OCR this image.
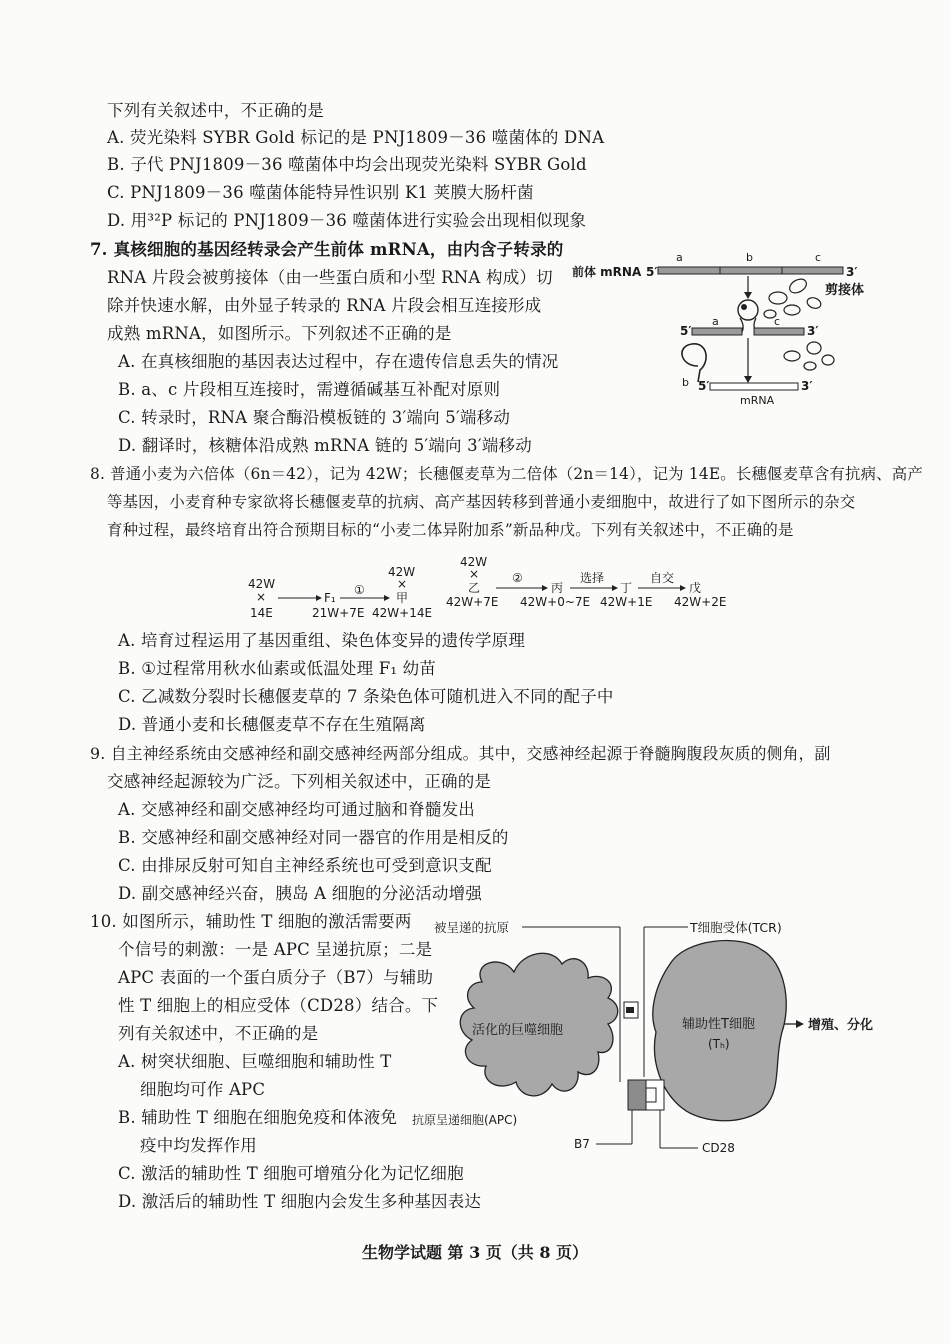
下列有关叙述中，不正确的是
A. 荧光染料 SYBR Gold 标记的是 PNJ1809－36 噬菌体的 DNA
B. 子代 PNJ1809－36 噬菌体中均会出现荧光染料 SYBR Gold
C. PNJ1809－36 噬菌体能特异性识别 K1 荚膜大肠杆菌
D. 用³²P 标记的 PNJ1809－36 噬菌体进行实验会出现相似现象
7. 真核细胞的基因经转录会产生前体 mRNA，由内含子转录的
RNA 片段会被剪接体（由一些蛋白质和小型 RNA 构成）切
除并快速水解，由外显子转录的 RNA 片段会相互连接形成
成熟 mRNA，如图所示。下列叙述不正确的是
A. 在真核细胞的基因表达过程中，存在遗传信息丢失的情况
B. a、c 片段相互连接时，需遵循碱基互补配对原则
C. 转录时，RNA 聚合酶沿模板链的 3′端向 5′端移动
D. 翻译时，核糖体沿成熟 mRNA 链的 5′端向 3′端移动
前体 mRNA 5′	3′
a	b	c
剪接体
5′	3′
a	c
b 5′	3′
mRNA
8. 普通小麦为六倍体（6n＝42），记为 42W；长穗偃麦草为二倍体（2n＝14），记为 14E。长穗偃麦草含有抗病、高产
等基因，小麦育种专家欲将长穗偃麦草的抗病、高产基因转移到普通小麦细胞中，故进行了如下图所示的杂交
育种过程，最终培育出符合预期目标的“小麦二体异附加系”新品种戊。下列有关叙述中，不正确的是
42W
×
14E
F₁
21W+7E
①
42W
×
甲
42W+14E
42W
×
乙
42W+7E
②
丙
42W+0~7E
选择
丁
42W+1E
自交
戊
42W+2E
A. 培育过程运用了基因重组、染色体变异的遗传学原理
B. ①过程常用秋水仙素或低温处理 F₁ 幼苗
C. 乙减数分裂时长穗偃麦草的 7 条染色体可随机进入不同的配子中
D. 普通小麦和长穗偃麦草不存在生殖隔离
9. 自主神经系统由交感神经和副交感神经两部分组成。其中，交感神经起源于脊髓胸腹段灰质的侧角，副
交感神经起源较为广泛。下列相关叙述中，正确的是
A. 交感神经和副交感神经均可通过脑和脊髓发出
B. 交感神经和副交感神经对同一器官的作用是相反的
C. 由排尿反射可知自主神经系统也可受到意识支配
D. 副交感神经兴奋，胰岛 A 细胞的分泌活动增强
10. 如图所示，辅助性 T 细胞的激活需要两
个信号的刺激：一是 APC 呈递抗原；二是
APC 表面的一个蛋白质分子（B7）与辅助
性 T 细胞上的相应受体（CD28）结合。下
列有关叙述中，不正确的是
A. 树突状细胞、巨噬细胞和辅助性 T
细胞均可作 APC
B. 辅助性 T 细胞在细胞免疫和体液免
疫中均发挥作用
C. 激活的辅助性 T 细胞可增殖分化为记忆细胞
D. 激活后的辅助性 T 细胞内会发生多种基因表达
被呈递的抗原	T细胞受体(TCR)
活化的巨噬细胞	辅助性T细胞
(Tₕ)
增殖、分化
抗原呈递细胞(APC)
B7	CD28
生物学试题 第 3 页（共 8 页）
